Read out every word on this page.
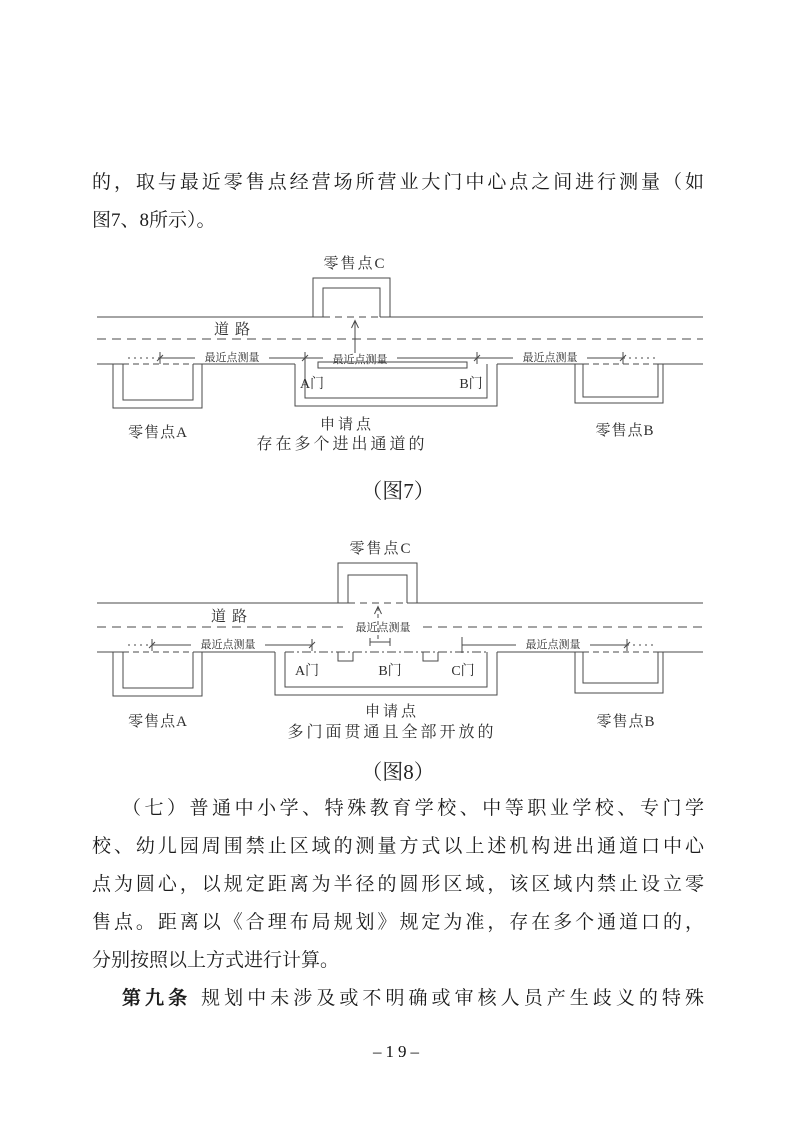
的，取与最近零售点经营场所营业大门中心点之间进行测量（如
图7、8所示）。
零售点C
道路
最近点测量	最近点测量	最近点测量
A门	B门
零售点A	申请点
存在多个进出通道的
零售点B
（图7）
零售点C
道路
最近点测量
最近点测量	最近点测量
A门	B门	C门
零售点A
申请点
多门面贯通且全部开放的
零售点B
（图8）
（七）普通中小学、特殊教育学校、中等职业学校、专门学
校、幼儿园周围禁止区域的测量方式以上述机构进出通道口中心
点为圆心，以规定距离为半径的圆形区域，该区域内禁止设立零
售点。距离以《合理布局规划》规定为准，存在多个通道口的，
分别按照以上方式进行计算。
第九条 规划中未涉及或不明确或审核人员产生歧义的特殊
–19–
